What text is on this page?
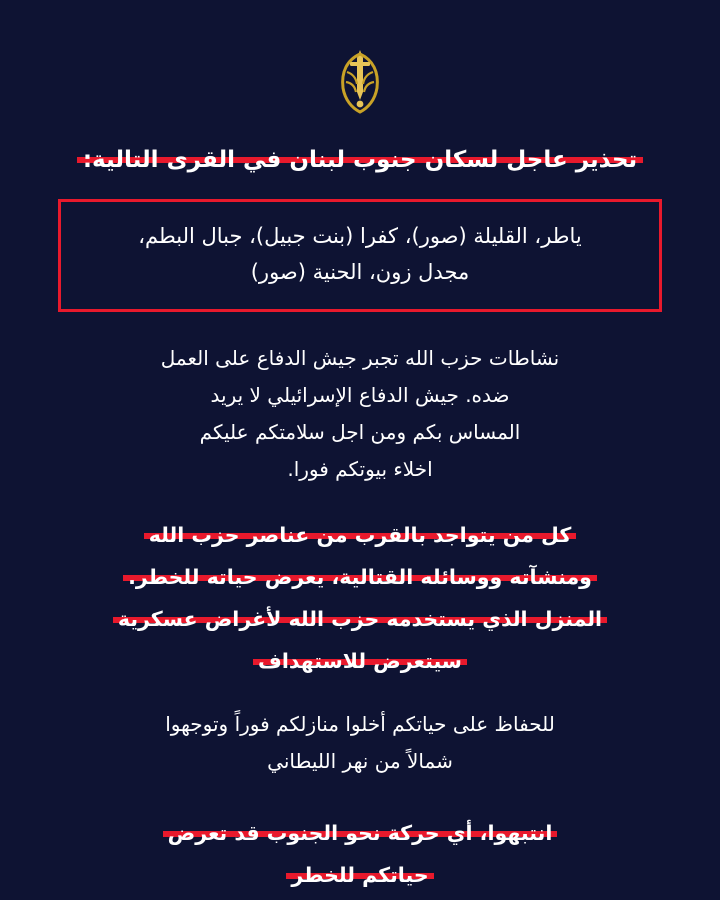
تحذير عاجل لسكان جنوب لبنان في القرى التالية:
ياطر، القليلة (صور)، كفرا (بنت جبيل)، جبال البطم،
مجدل زون، الحنية (صور)
نشاطات حزب الله تجبر جيش الدفاع على العمل
ضده. جيش الدفاع الإسرائيلي لا يريد
المساس بكم ومن اجل سلامتكم عليكم
اخلاء بيوتكم فورا.
كل من يتواجد بالقرب من عناصر حزب الله
ومنشآته ووسائله القتالية، يعرض حياته للخطر.
المنزل الذي يستخدمه حزب الله لأغراض عسكرية
سيتعرض للاستهداف
للحفاظ على حياتكم أخلوا منازلكم فوراً وتوجهوا
شمالاً من نهر الليطاني
انتبهوا، أي حركة نحو الجنوب قد تعرض
حياتكم للخطر
